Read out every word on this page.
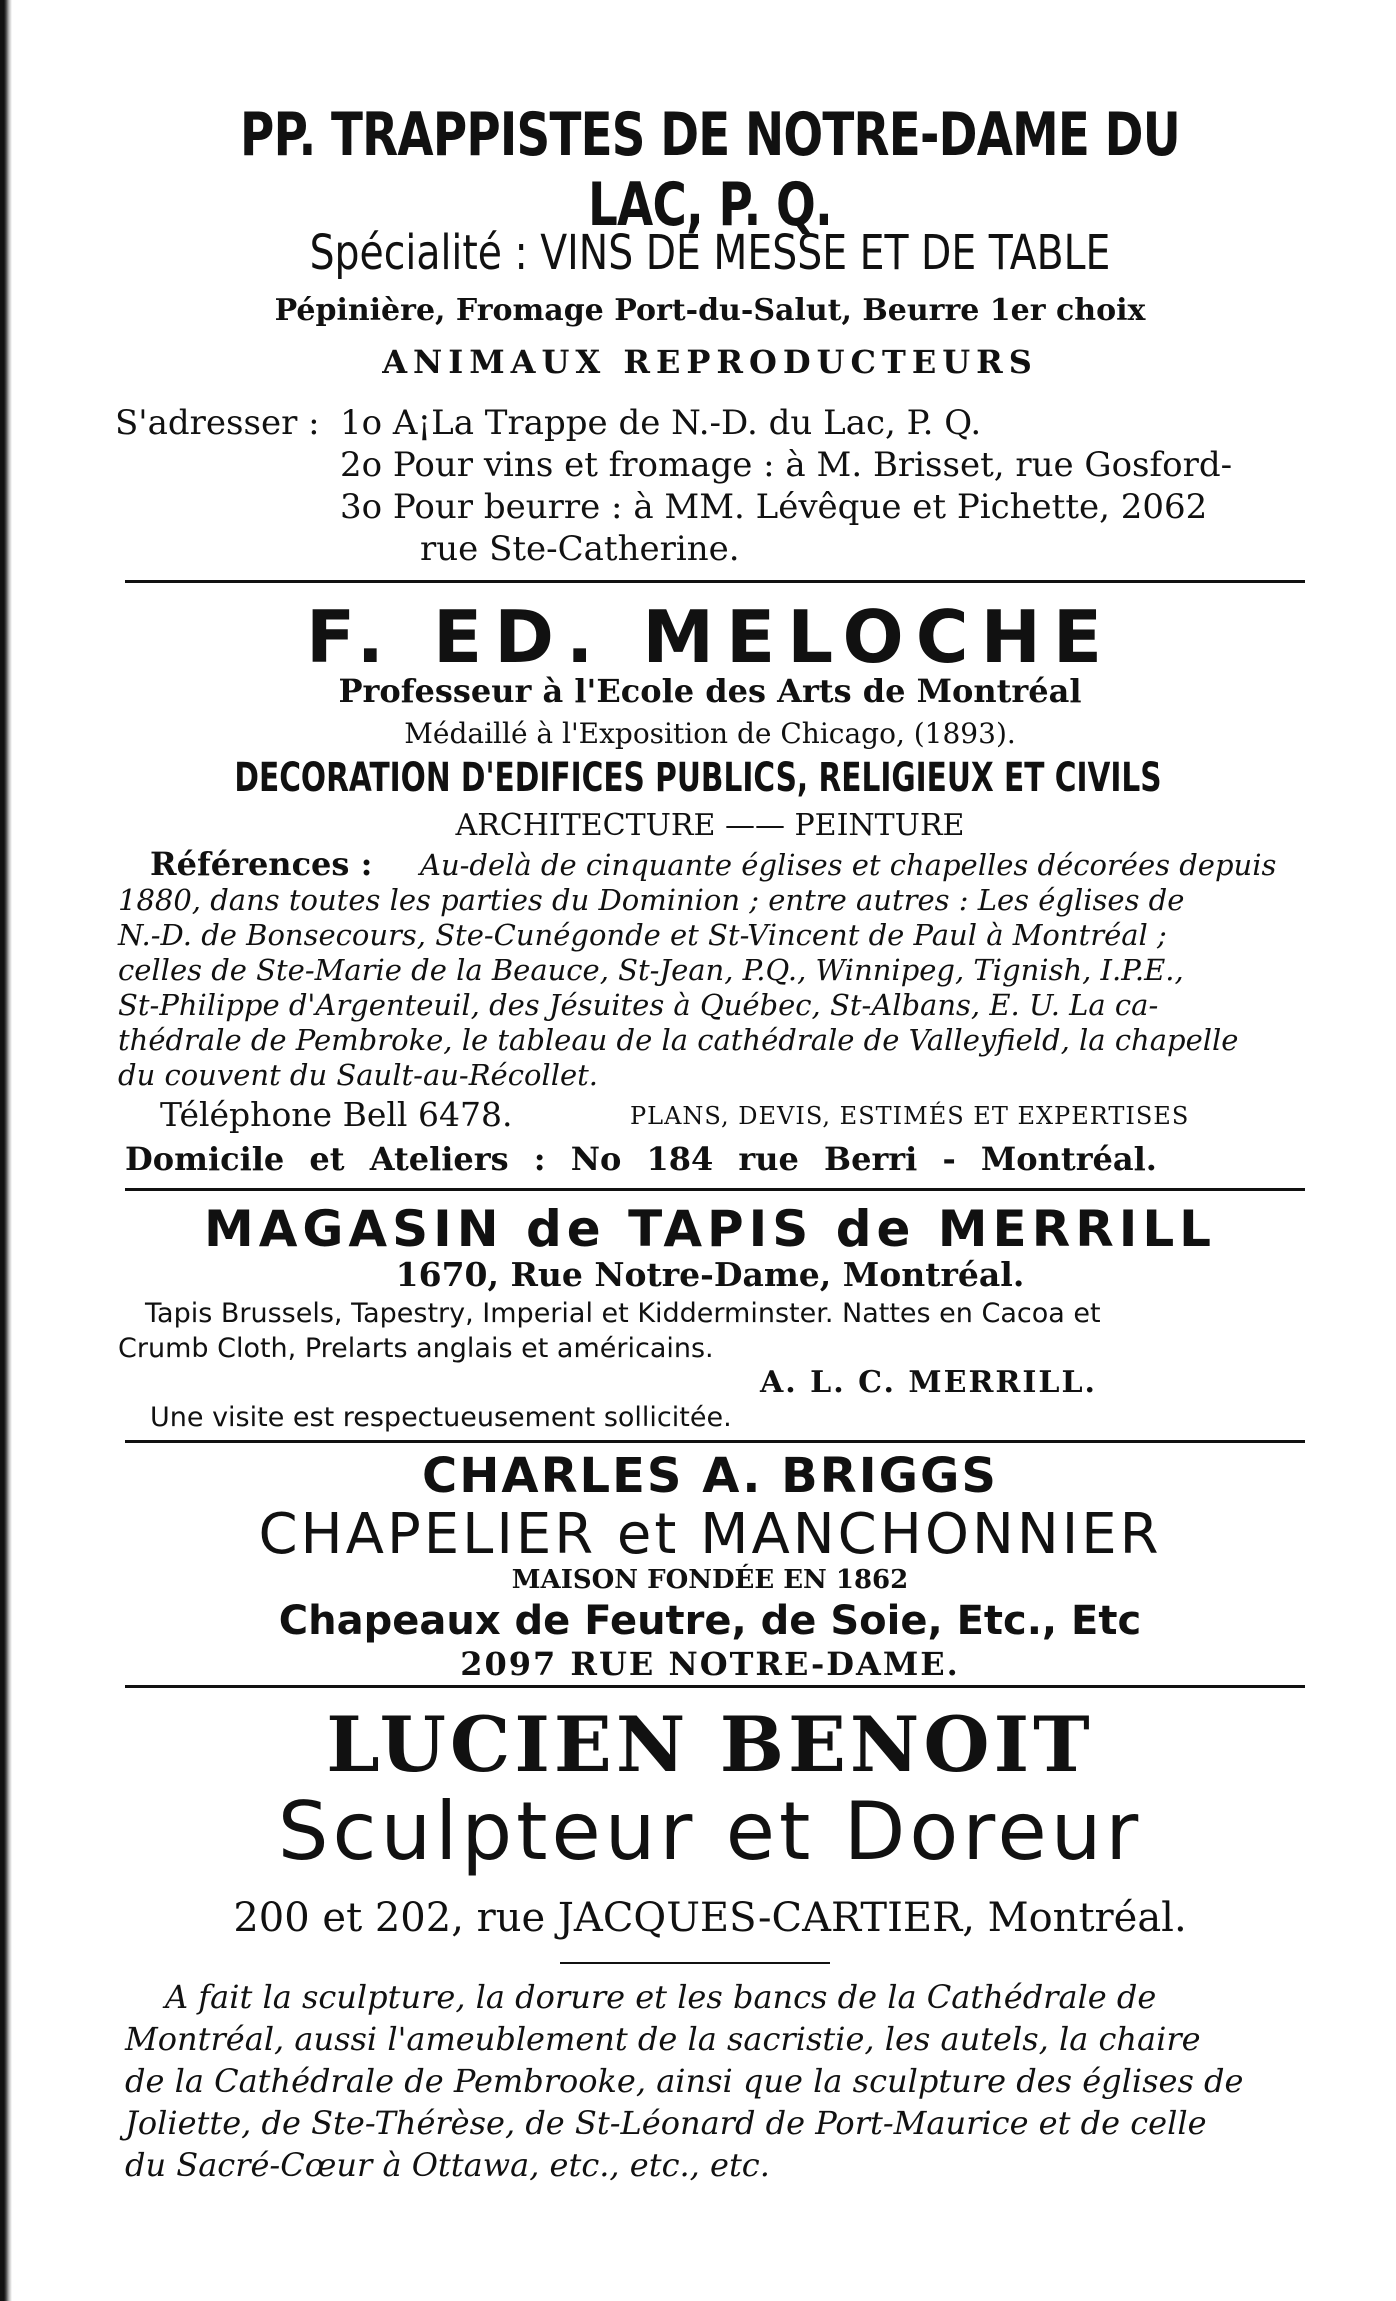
PP. TRAPPISTES DE NOTRE-DAME DU LAC, P. Q.
Spécialité : VINS DE MESSE ET DE TABLE
Pépinière, Fromage Port-du-Salut, Beurre 1er choix
ANIMAUX REPRODUCTEURS
S'adresser : 1o A¡La Trappe de N.-D. du Lac, P. Q.
2o Pour vins et fromage : à M. Brisset, rue Gosford-
3o Pour beurre : à MM. Lévêque et Pichette, 2062
rue Ste-Catherine.
F. ED. MELOCHE
Professeur à l'Ecole des Arts de Montréal
Médaillé à l'Exposition de Chicago, (1893).
DECORATION D'EDIFICES PUBLICS, RELIGIEUX ET CIVILS
ARCHITECTURE —— PEINTURE
Références : Au-delà de cinquante églises et chapelles décorées depuis
1880, dans toutes les parties du Dominion ; entre autres : Les églises de
N.-D. de Bonsecours, Ste-Cunégonde et St-Vincent de Paul à Montréal ;
celles de Ste-Marie de la Beauce, St-Jean, P.Q., Winnipeg, Tignish, I.P.E.,
St-Philippe d'Argenteuil, des Jésuites à Québec, St-Albans, E. U. La ca-
thédrale de Pembroke, le tableau de la cathédrale de Valleyfield, la chapelle
du couvent du Sault-au-Récollet.
Téléphone Bell 6478.	PLANS, DEVIS, ESTIMÉS ET EXPERTISES
Domicile et Ateliers : No 184 rue Berri - Montréal.
MAGASIN de TAPIS de MERRILL
1670, Rue Notre-Dame, Montréal.
Tapis Brussels, Tapestry, Imperial et Kidderminster. Nattes en Cacoa et
Crumb Cloth, Prelarts anglais et américains.
A. L. C. MERRILL.
Une visite est respectueusement sollicitée.
CHARLES A. BRIGGS
CHAPELIER et MANCHONNIER
MAISON FONDÉE EN 1862
Chapeaux de Feutre, de Soie, Etc., Etc
2097 RUE NOTRE-DAME.
LUCIEN BENOIT
Sculpteur et Doreur
200 et 202, rue JACQUES-CARTIER, Montréal.
A fait la sculpture, la dorure et les bancs de la Cathédrale de
Montréal, aussi l'ameublement de la sacristie, les autels, la chaire
de la Cathédrale de Pembrooke, ainsi que la sculpture des églises de
Joliette, de Ste-Thérèse, de St-Léonard de Port-Maurice et de celle
du Sacré-Cœur à Ottawa, etc., etc., etc.
